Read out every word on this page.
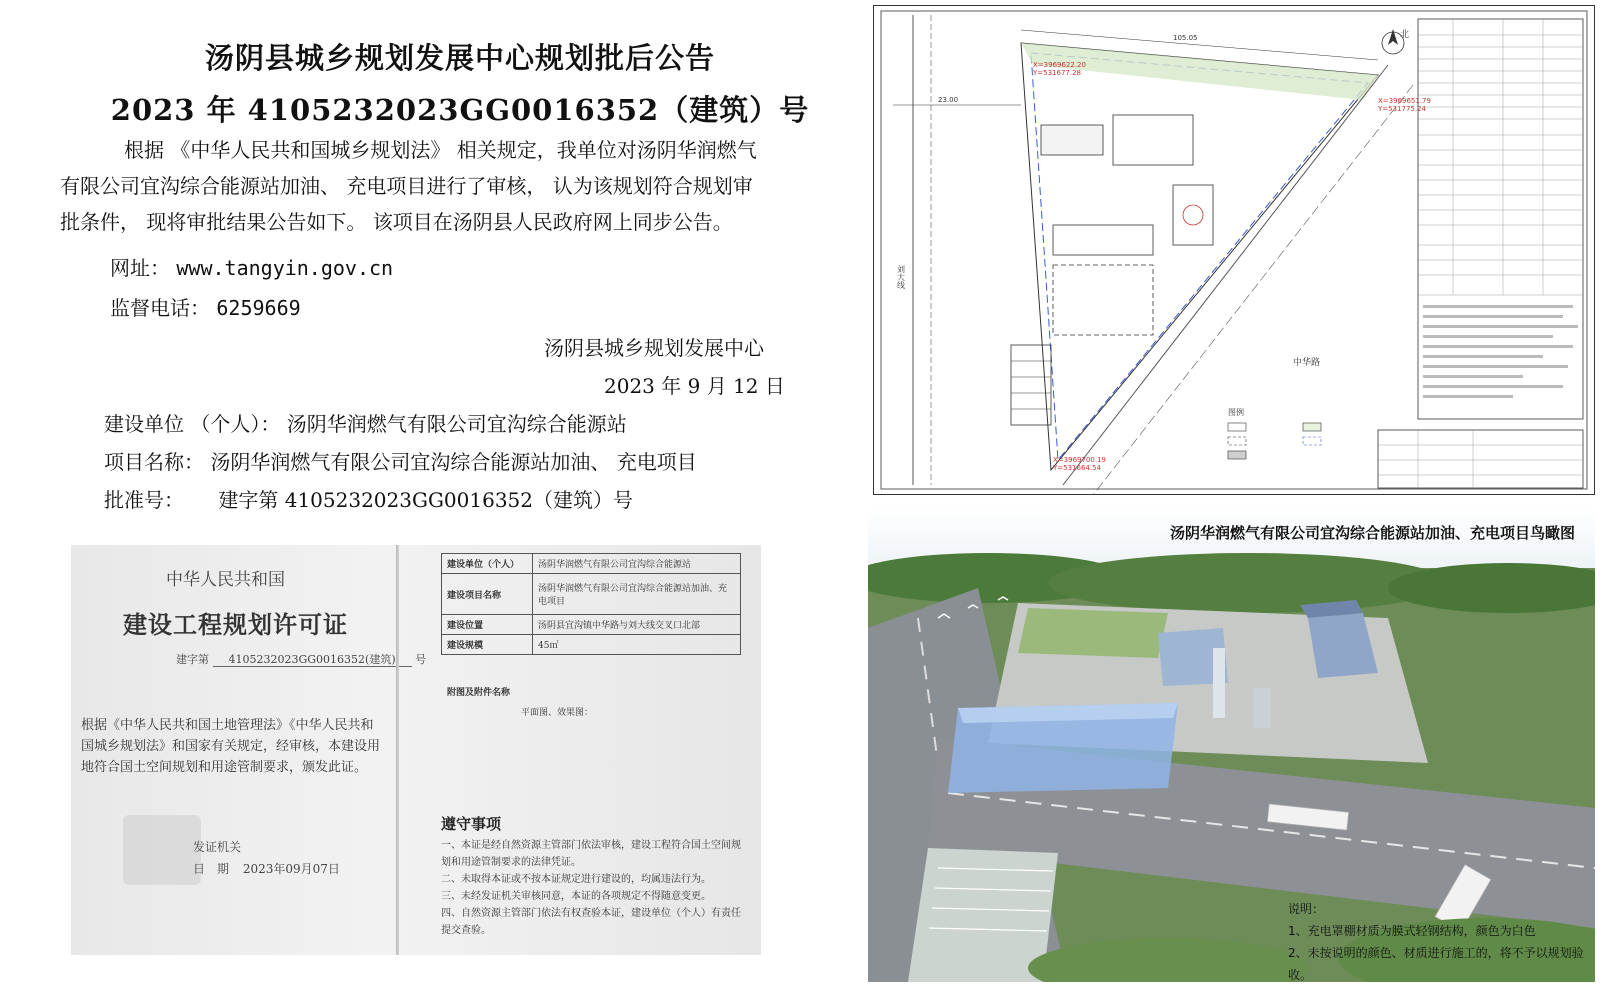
汤阴县城乡规划发展中心规划批后公告
2023 年 4105232023GG0016352（建筑）号
根据 《中华人民共和国城乡规划法》 相关规定，我单位对汤阴华润燃气
有限公司宜沟综合能源站加油、 充电项目进行了审核， 认为该规划符合规划审
批条件， 现将审批结果公告如下。 该项目在汤阴县人民政府网上同步公告。
网址： www.tangyin.gov.cn
监督电话： 6259669
汤阴县城乡规划发展中心
2023 年 9 月 12 日
建设单位 （个人）： 汤阴华润燃气有限公司宜沟综合能源站
项目名称： 汤阴华润燃气有限公司宜沟综合能源站加油、 充电项目
批准号： 建字第 4105232023GG0016352（建筑）号
中华人民共和国
建设工程规划许可证
建字第 4105232023GG0016352(建筑) 号
根据《中华人民共和国土地管理法》《中华人民共和国城乡规划法》和国家有关规定，经审核，本建设用地符合国土空间规划和用途管制要求，颁发此证。
发证机关
日　期 2023年09月07日
建设单位（个人）	汤阴华润燃气有限公司宜沟综合能源站
建设项目名称	汤阴华润燃气有限公司宜沟综合能源站加油、充电项目
建设位置	汤阴县宜沟镇中华路与刘大线交叉口北部
建设规模	45㎡
附图及附件名称
平面图、效果图：
遵守事项
一、本证是经自然资源主管部门依法审核，建设工程符合国土空间规划和用途管制要求的法律凭证。
二、未取得本证或不按本证规定进行建设的，均属违法行为。
三、未经发证机关审核同意，本证的各项规定不得随意变更。
四、自然资源主管部门依法有权查验本证，建设单位（个人）有责任提交查验。
刘大线
中华路
105.05
23.00
X=3969622.20
Y=531677.28
X=3969651.79
Y=531775.24
X=3969700.19
Y=531664.54
北
图例
汤阴华润燃气有限公司宜沟综合能源站加油、充电项目鸟瞰图
说明：
1、充电罩棚材质为膜式轻钢结构，颜色为白色
2、未按说明的颜色、材质进行施工的，将不予以规划验收。
